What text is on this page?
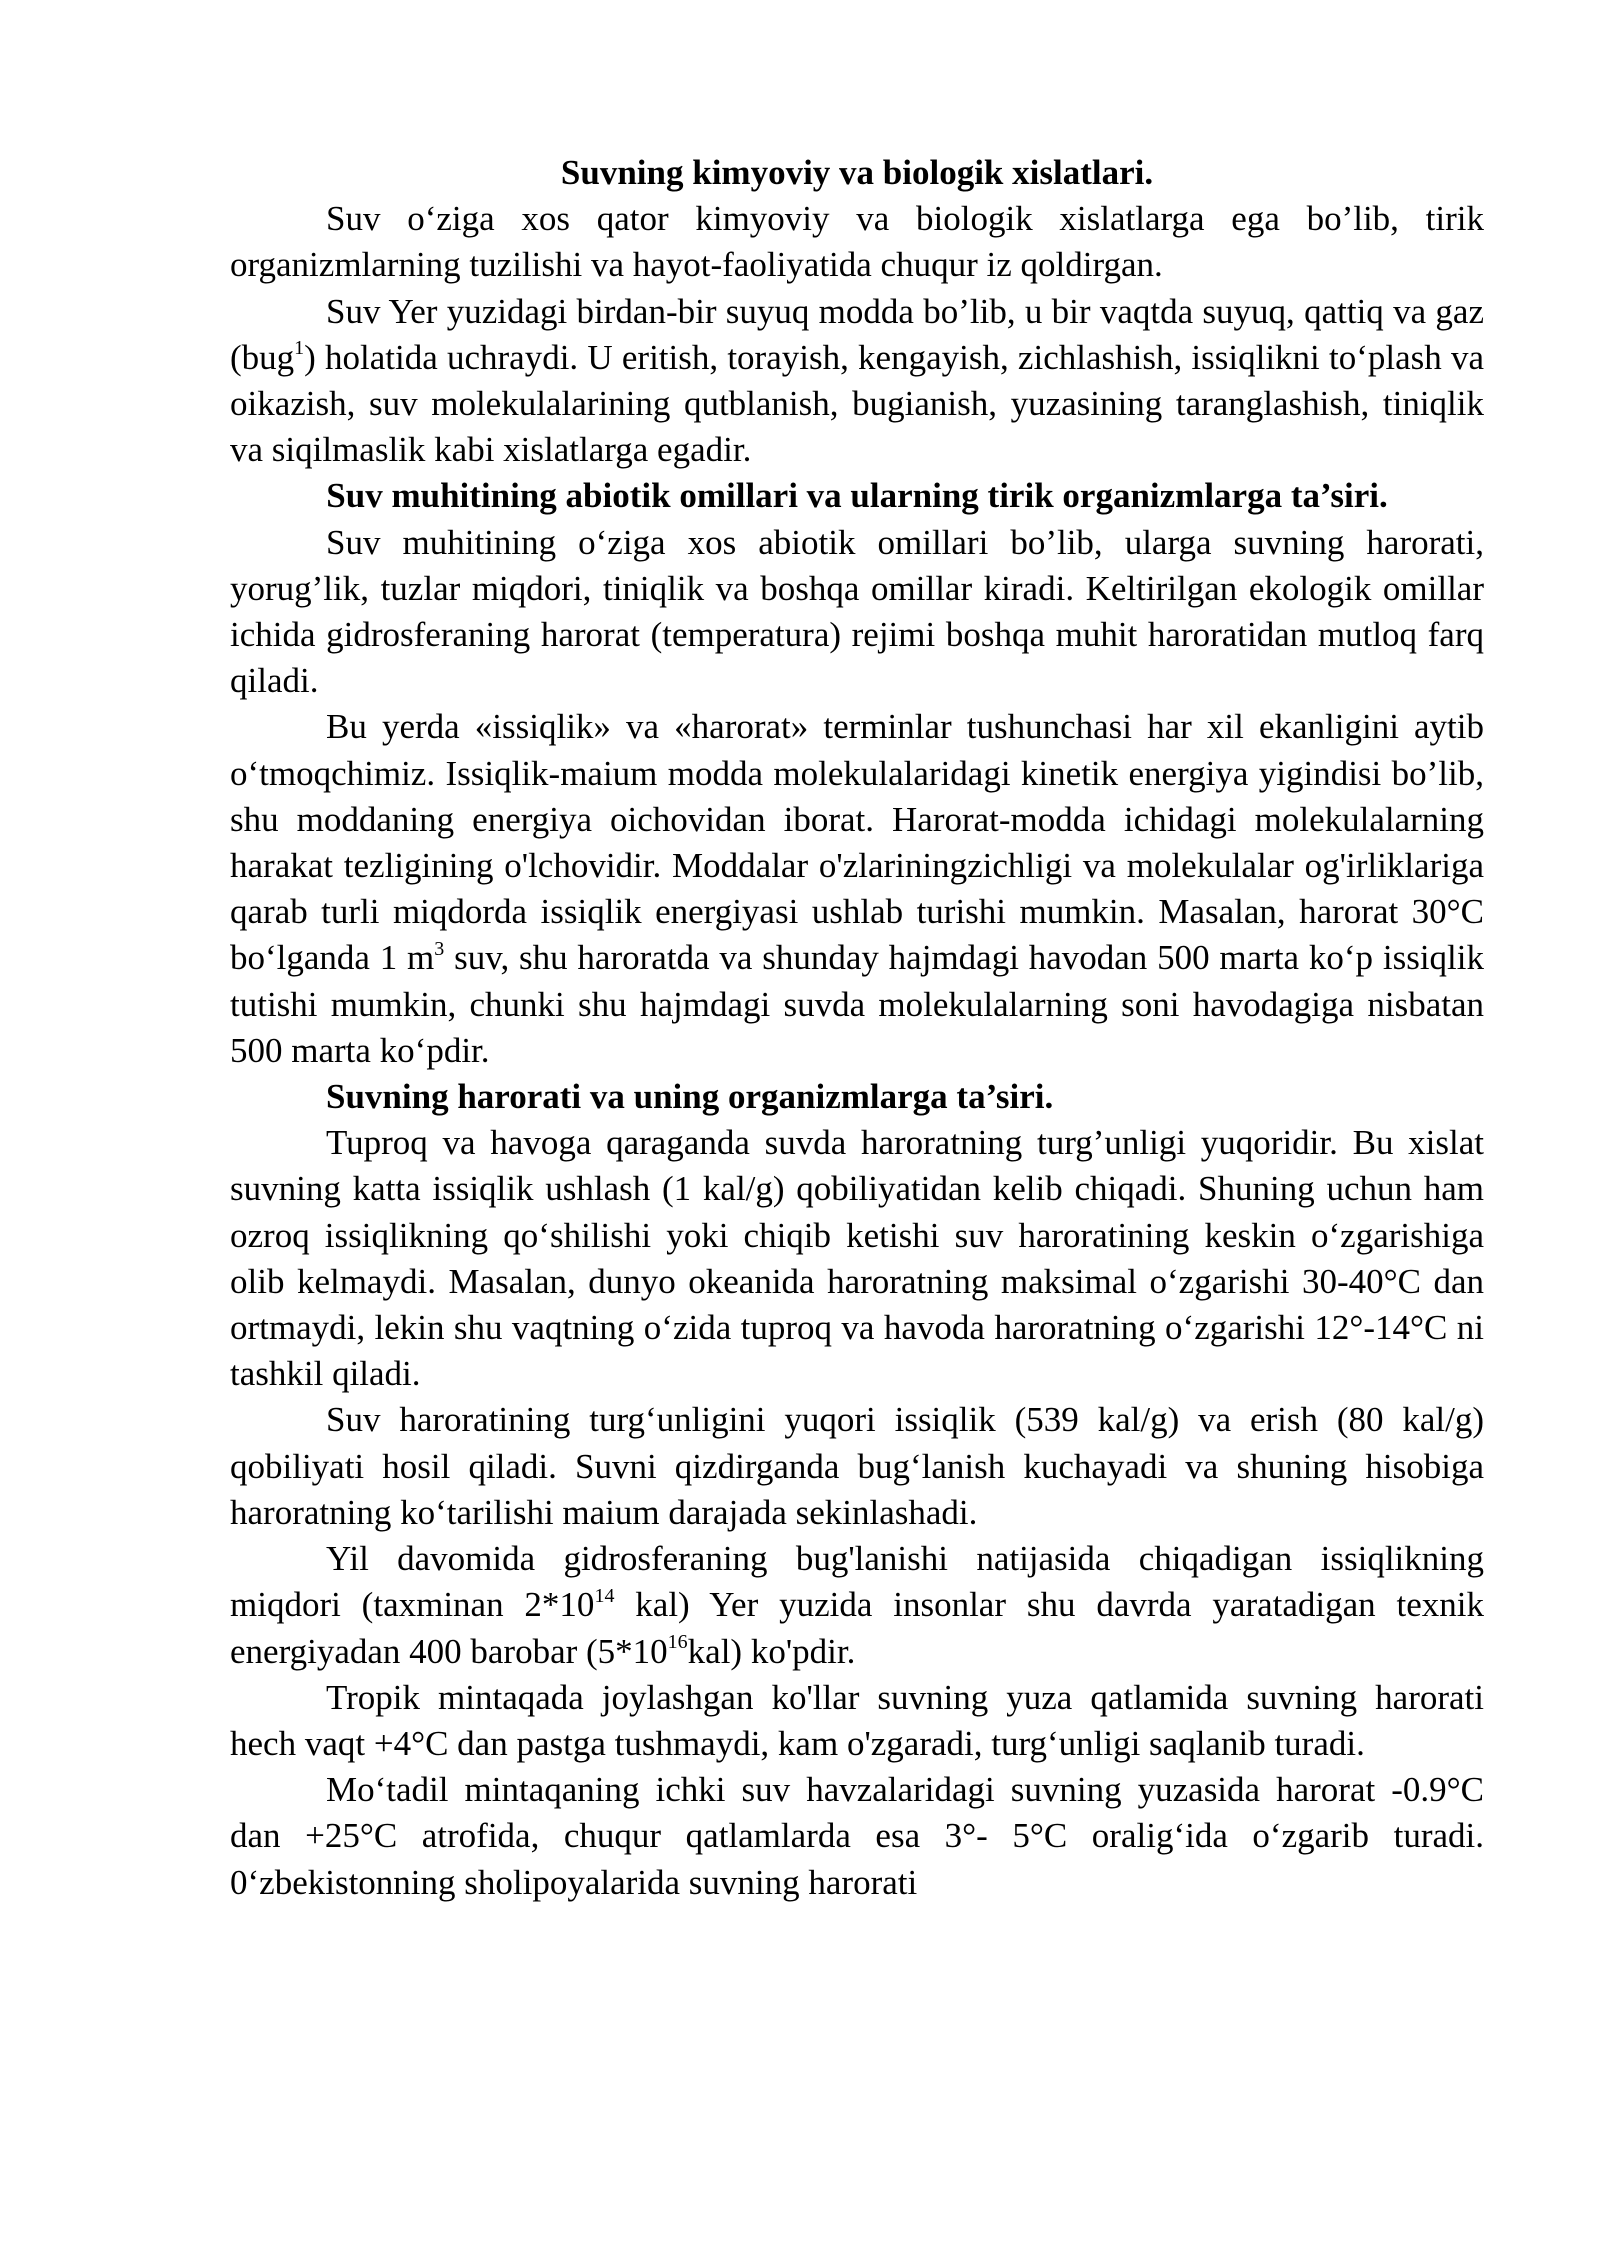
Suvning kimyoviy va biologik xislatlari.

Suv o‘ziga xos qator kimyoviy va biologik xislatlarga ega bo’lib, tirik organizmlarning tuzilishi va hayot-faoliyatida chuqur iz qoldirgan.

Suv Yer yuzidagi birdan-bir suyuq modda bo’lib, u bir vaqtda suyuq, qattiq va gaz (bug$^1$) holatida uchraydi. U eritish, torayish, kengayish, zichlashish, issiqlikni to‘plash va oikazish, suv molekulalarining qutblanish, bugianish, yuzasining taranglashish, tiniqlik va siqilmaslik kabi xislatlarga egadir.

Suv muhitining abiotik omillari va ularning tirik organizmlarga ta’siri.

Suv muhitining o‘ziga xos abiotik omillari bo’lib, ularga suvning harorati, yorug’lik, tuzlar miqdori, tiniqlik va boshqa omillar kiradi. Keltirilgan ekologik omillar ichida gidrosferaning harorat (temperatura) rejimi boshqa muhit haroratidan mutloq farq qiladi.

Bu yerda «issiqlik» va «harorat» terminlar tushunchasi har xil ekanligini aytib o‘tmoqchimiz. Issiqlik-maium modda molekulalaridagi kinetik energiya yigindisi bo’lib, shu moddaning energiya oichovidan iborat. Harorat-modda ichidagi molekulalarning harakat tezligining o'lchovidir. Moddalar o'zlariningzichligi va molekulalar og'irliklariga qarab turli miqdorda issiqlik energiyasi ushlab turishi mumkin. Masalan, harorat 30°C bo‘lganda 1 $m^3$ suv, shu haroratda va shunday hajmdagi havodan 500 marta ko‘p issiqlik tutishi mumkin, chunki shu hajmdagi suvda molekulalarning soni havodagiga nisbatan 500 marta ko‘pdir.

Suvning harorati va uning organizmlarga ta’siri.

Tuproq va havoga qaraganda suvda haroratning turg’unligi yuqoridir. Bu xislat suvning katta issiqlik ushlash (1 kal/g) qobiliyatidan kelib chiqadi. Shuning uchun ham ozroq issiqlikning qo‘shilishi yoki chiqib ketishi suv haroratining keskin o‘zgarishiga olib kelmaydi. Masalan, dunyo okeanida haroratning maksimal o‘zgarishi 30-40°C dan ortmaydi, lekin shu vaqtning o‘zida tuproq va havoda haroratning o‘zgarishi 12°-14°C ni tashkil qiladi.

Suv haroratining turg‘unligini yuqori issiqlik (539 kal/g) va erish (80 kal/g) qobiliyati hosil qiladi. Suvni qizdirganda bug‘lanish kuchayadi va shuning hisobiga haroratning ko‘tarilishi maium darajada sekinlashadi.

Yil davomida gidrosferaning bug'lanishi natijasida chiqadigan issiqlikning miqdori (taxminan $2*10^{14}$ kal) Yer yuzida insonlar shu davrda yaratadigan texnik energiyadan 400 barobar $(5*10^{16}kal)$ ko'pdir.

Tropik mintaqada joylashgan ko'llar suvning yuza qatlamida suvning harorati hech vaqt +4°C dan pastga tushmaydi, kam o'zgaradi, turg‘unligi saqlanib turadi.

Mo‘tadil mintaqaning ichki suv havzalaridagi suvning yuzasida harorat -0.9°C dan +25°C atrofida, chuqur qatlamlarda esa 3°- 5°C oralig‘ida o‘zgarib turadi. 0‘zbekistonning sholipoyalarida suvning harorati
